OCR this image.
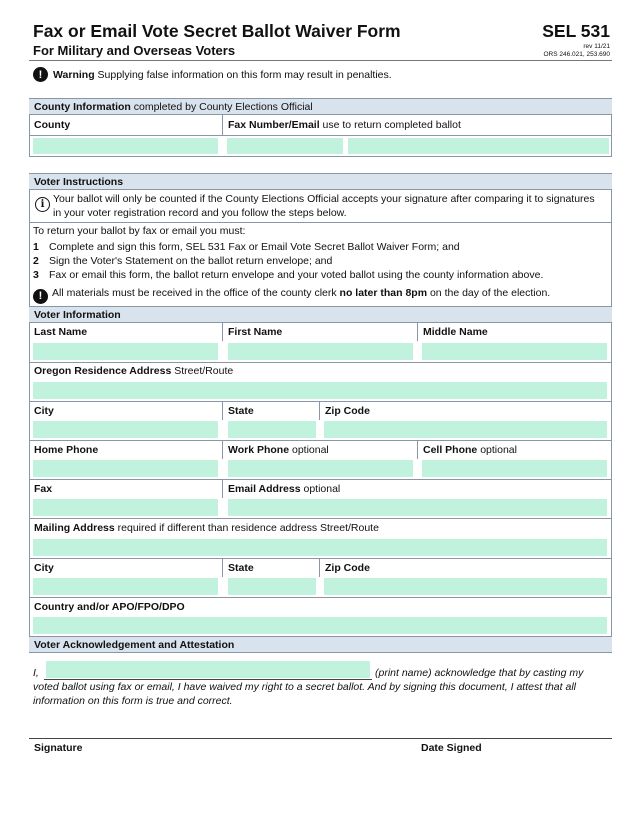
Fax or Email Vote Secret Ballot Waiver Form
For Military and Overseas Voters
SEL 531
rev 11/21
ORS 246.021, 253.690
!	Warning
Supplying false information on this form may result in penalties.
County Information completed by County Elections Official
County	Fax Number/Email use to return completed ballot
Voter Instructions
i Your ballot will only be counted if the County Elections Official accepts your signature after comparing it to signatures
in your voter registration record and you follow the steps below.
To return your ballot by fax or email you must:
1 Complete and sign this form, SEL 531 Fax or Email Vote Secret Ballot Waiver Form; and
2 Sign the Voter's Statement on the ballot return envelope; and
3 Fax or email this form, the ballot return envelope and your voted ballot using the county information above.
! All materials must be received in the office of the county clerk no later than 8pm on the day of the election.
Voter Information
Last Name	First Name	Middle Name
Oregon Residence Address Street/Route
City	State	Zip Code
Home Phone	Work Phone optional	Cell Phone optional
Fax	Email Address optional
Mailing Address required if different than residence address Street/Route
City	State	Zip Code
Country and/or APO/FPO/DPO
Voter Acknowledgement and Attestation
I,	(print name) acknowledge that by casting my
voted ballot using fax or email, I have waived my right to a secret ballot. And by signing this document, I attest that all
information on this form is true and correct.
Signature	Date Signed
